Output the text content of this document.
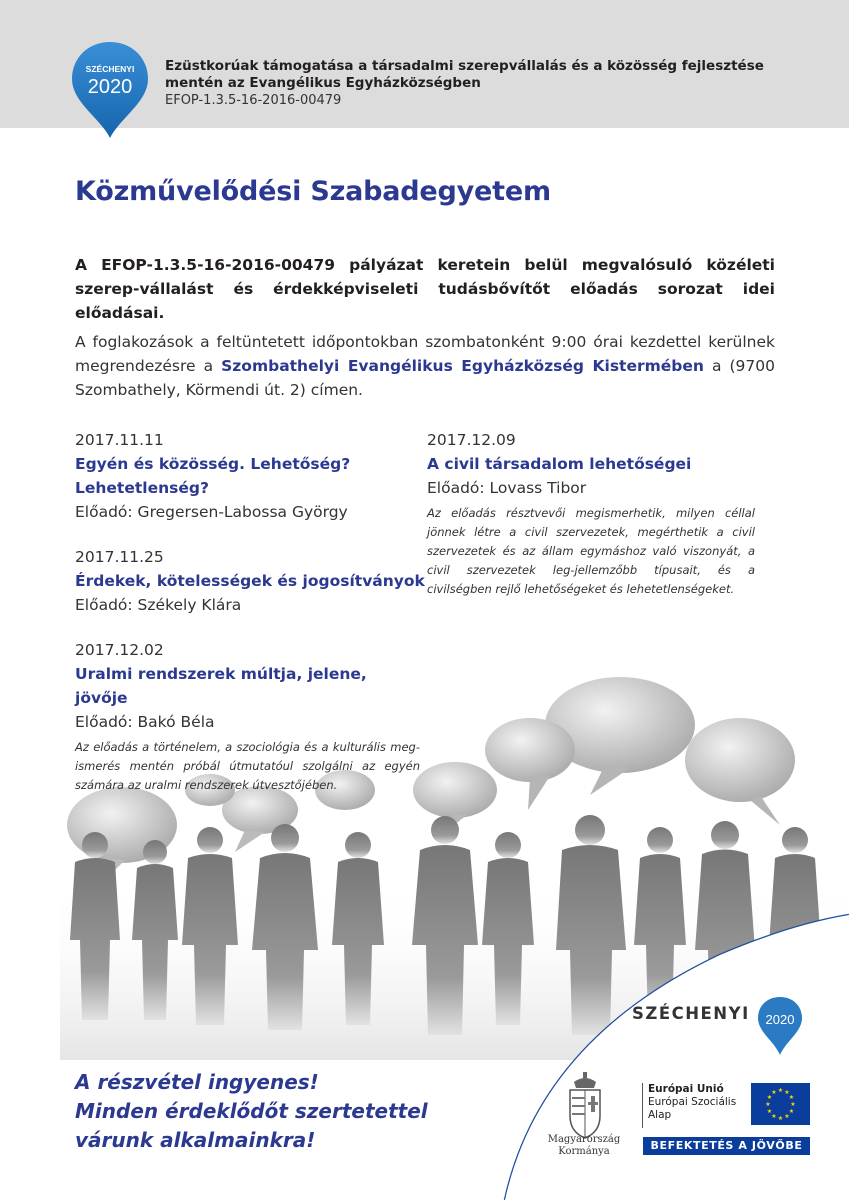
SZÉCHENYI
2020
Ezüstkorúak támogatása a társadalmi szerepvállalás és a közösség fejlesztése
mentén az Evangélikus Egyházközségben
EFOP-1.3.5-16-2016-00479
Közművelődési Szabadegyetem
A EFOP-1.3.5-16-2016-00479 pályázat keretein belül megvalósuló közéleti szerep-vállalást és érdekképviseleti tudásbővítőt előadás sorozat idei előadásai.
A foglakozások a feltüntetett időpontokban szombatonként 9:00 órai kezdettel kerülnek megrendezésre a Szombathelyi Evangélikus Egyházközség Kistermében a (9700 Szombathely, Körmendi út. 2) címen.
2017.11.11
Egyén és közösség. Lehetőség? Lehetetlenség?
Előadó: Gregersen-Labossa György
2017.11.25
Érdekek, kötelességek és jogosítványok
Előadó: Székely Klára
2017.12.02
Uralmi rendszerek múltja, jelene, jövője
Előadó: Bakó Béla
Az előadás a történelem, a szociológia és a kulturális meg-ismerés mentén próbál útmutatóul szolgálni az egyén számára az uralmi rendszerek útvesztőjében.
2017.12.09
A civil társadalom lehetőségei
Előadó: Lovass Tibor
Az előadás résztvevői megismerhetik, milyen céllal jönnek létre a civil szervezetek, megérthetik a civil szervezetek és az állam egymáshoz való viszonyát, a civil szervezetek leg-jellemzőbb típusait, és a civilségben rejlő lehetőségeket és lehetetlenségeket.
A részvétel ingyenes!
Minden érdeklődőt szertetettel
várunk alkalmainkra!
SZÉCHENYI 2020
Magyarország
Kormánya
Európai Unió
Európai Szociális
Alap
★ ★
★
★
★
★
★
★
★
★
★
★
BEFEKTETÉS A JÖVŐBE
